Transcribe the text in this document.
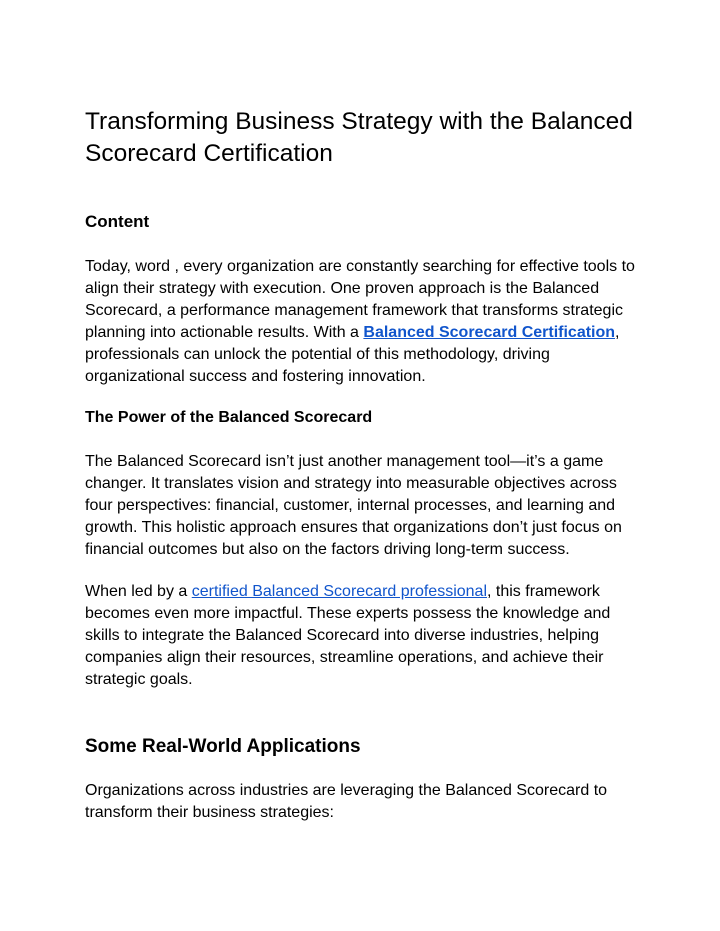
Transforming Business Strategy with the Balanced Scorecard Certification
Content

Today, word , every organization are constantly searching for effective tools to align their strategy with execution. One proven approach is the Balanced Scorecard, a performance management framework that transforms strategic planning into actionable results. With a Balanced Scorecard Certification, professionals can unlock the potential of this methodology, driving organizational success and fostering innovation.

The Power of the Balanced Scorecard

The Balanced Scorecard isn’t just another management tool—it’s a game changer. It translates vision and strategy into measurable objectives across four perspectives: financial, customer, internal processes, and learning and growth. This holistic approach ensures that organizations don’t just focus on financial outcomes but also on the factors driving long-term success.

When led by a certified Balanced Scorecard professional, this framework becomes even more impactful. These experts possess the knowledge and skills to integrate the Balanced Scorecard into diverse industries, helping companies align their resources, streamline operations, and achieve their strategic goals.

Some Real-World Applications

Organizations across industries are leveraging the Balanced Scorecard to transform their business strategies:
